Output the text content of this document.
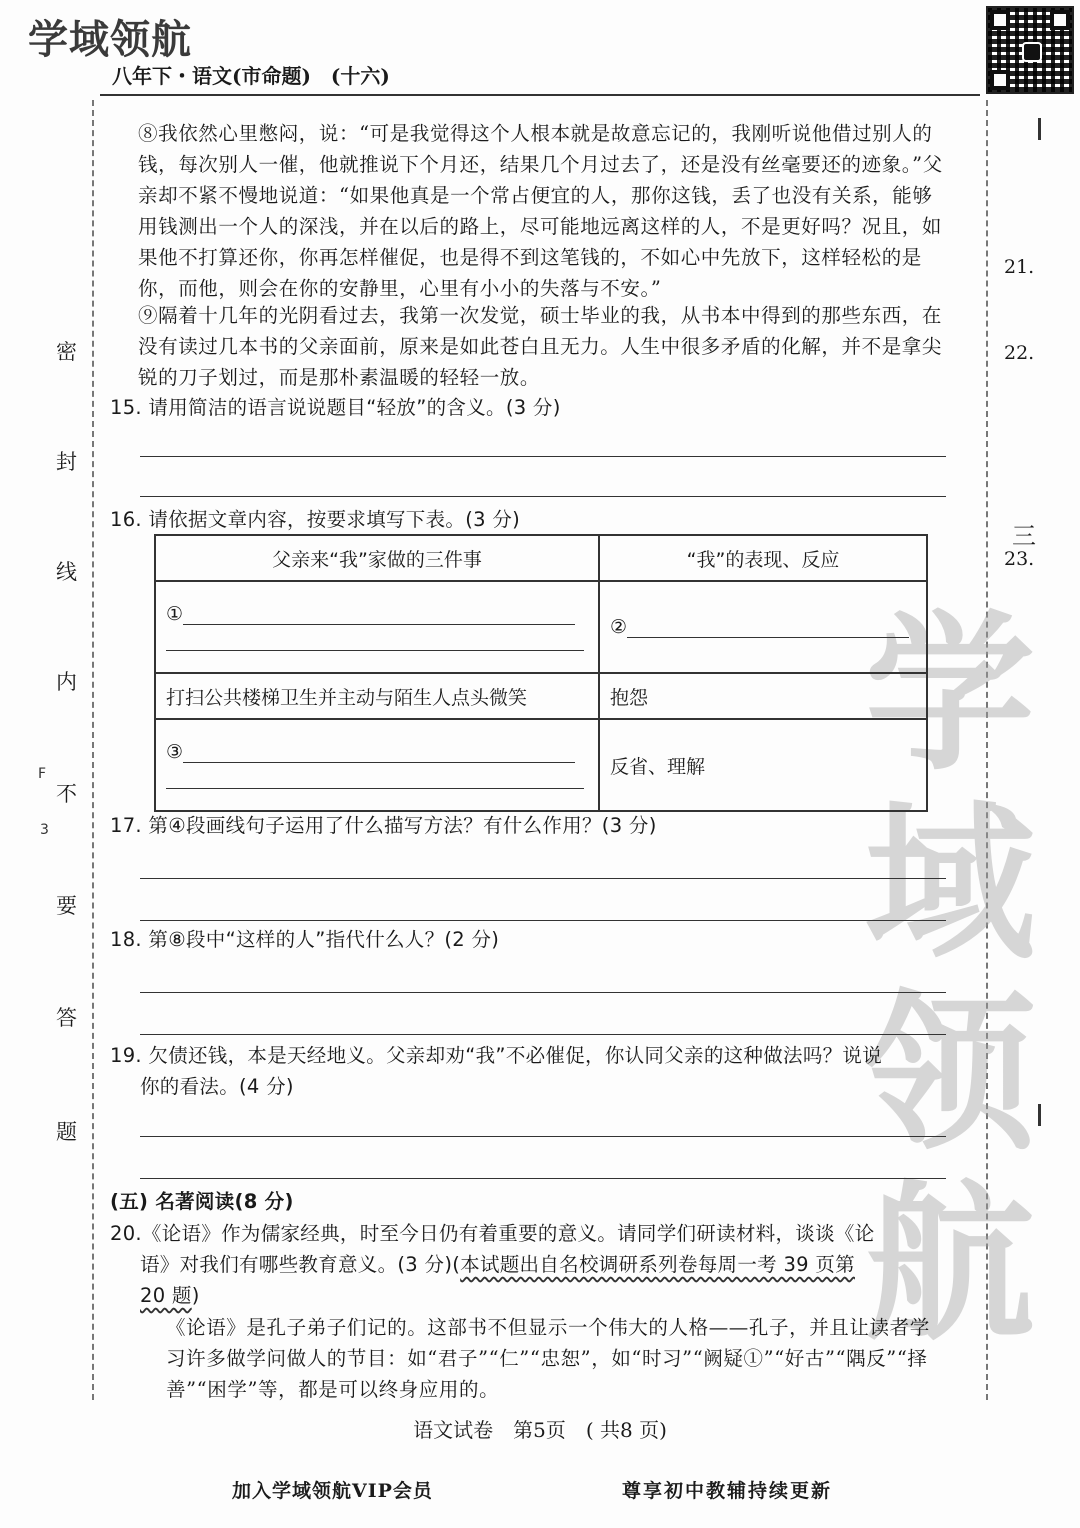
学域领航
八年下・语文(市命题)　(十六)
密
封
线
内
不
要
答
题
F
3
21.
22.
三
23.
学域领航

⑧我依然心里憋闷，说：“可是我觉得这个人根本就是故意忘记的，我刚听说他借过别人的钱，每次别人一催，他就推说下个月还，结果几个月过去了，还是没有丝毫要还的迹象。”父亲却不紧不慢地说道：“如果他真是一个常占便宜的人，那你这钱，丢了也没有关系，能够用钱测出一个人的深浅，并在以后的路上，尽可能地远离这样的人，不是更好吗？况且，如果他不打算还你，你再怎样催促，也是得不到这笔钱的，不如心中先放下，这样轻松的是你，而他，则会在你的安静里，心里有小小的失落与不安。”

⑨隔着十几年的光阴看过去，我第一次发觉，硕士毕业的我，从书本中得到的那些东西，在没有读过几本书的父亲面前，原来是如此苍白且无力。人生中很多矛盾的化解，并不是拿尖锐的刀子划过，而是那朴素温暖的轻轻一放。

15. 请用简洁的语言说说题目“轻放”的含义。(3 分)
16. 请依据文章内容，按要求填写下表。(3 分)
父亲来“我”家做的三件事	“我”的表现、反应
①	②
打扫公共楼梯卫生并主动与陌生人点头微笑	抱怨
③	反省、理解
17. 第④段画线句子运用了什么描写方法？有什么作用？(3 分)
18. 第⑧段中“这样的人”指代什么人？(2 分)
19. 欠债还钱，本是天经地义。父亲却劝“我”不必催促，你认同父亲的这种做法吗？说说
你的看法。(4 分)
(五) 名著阅读(8 分)
20.《论语》作为儒家经典，时至今日仍有着重要的意义。请同学们研读材料，谈谈《论
语》对我们有哪些教育意义。(3 分)(本试题出自名校调研系列卷每周一考 39 页第
20 题)

《论语》是孔子弟子们记的。这部书不但显示一个伟大的人格——孔子，并且让读者学习许多做学问做人的节目：如“君子”“仁”“忠恕”，如“时习”“阙疑①”“好古”“隅反”“择善”“困学”等，都是可以终身应用的。

语文试卷　第5页　( 共8 页)
加入学域领航VIP会员	尊享初中教辅持续更新
